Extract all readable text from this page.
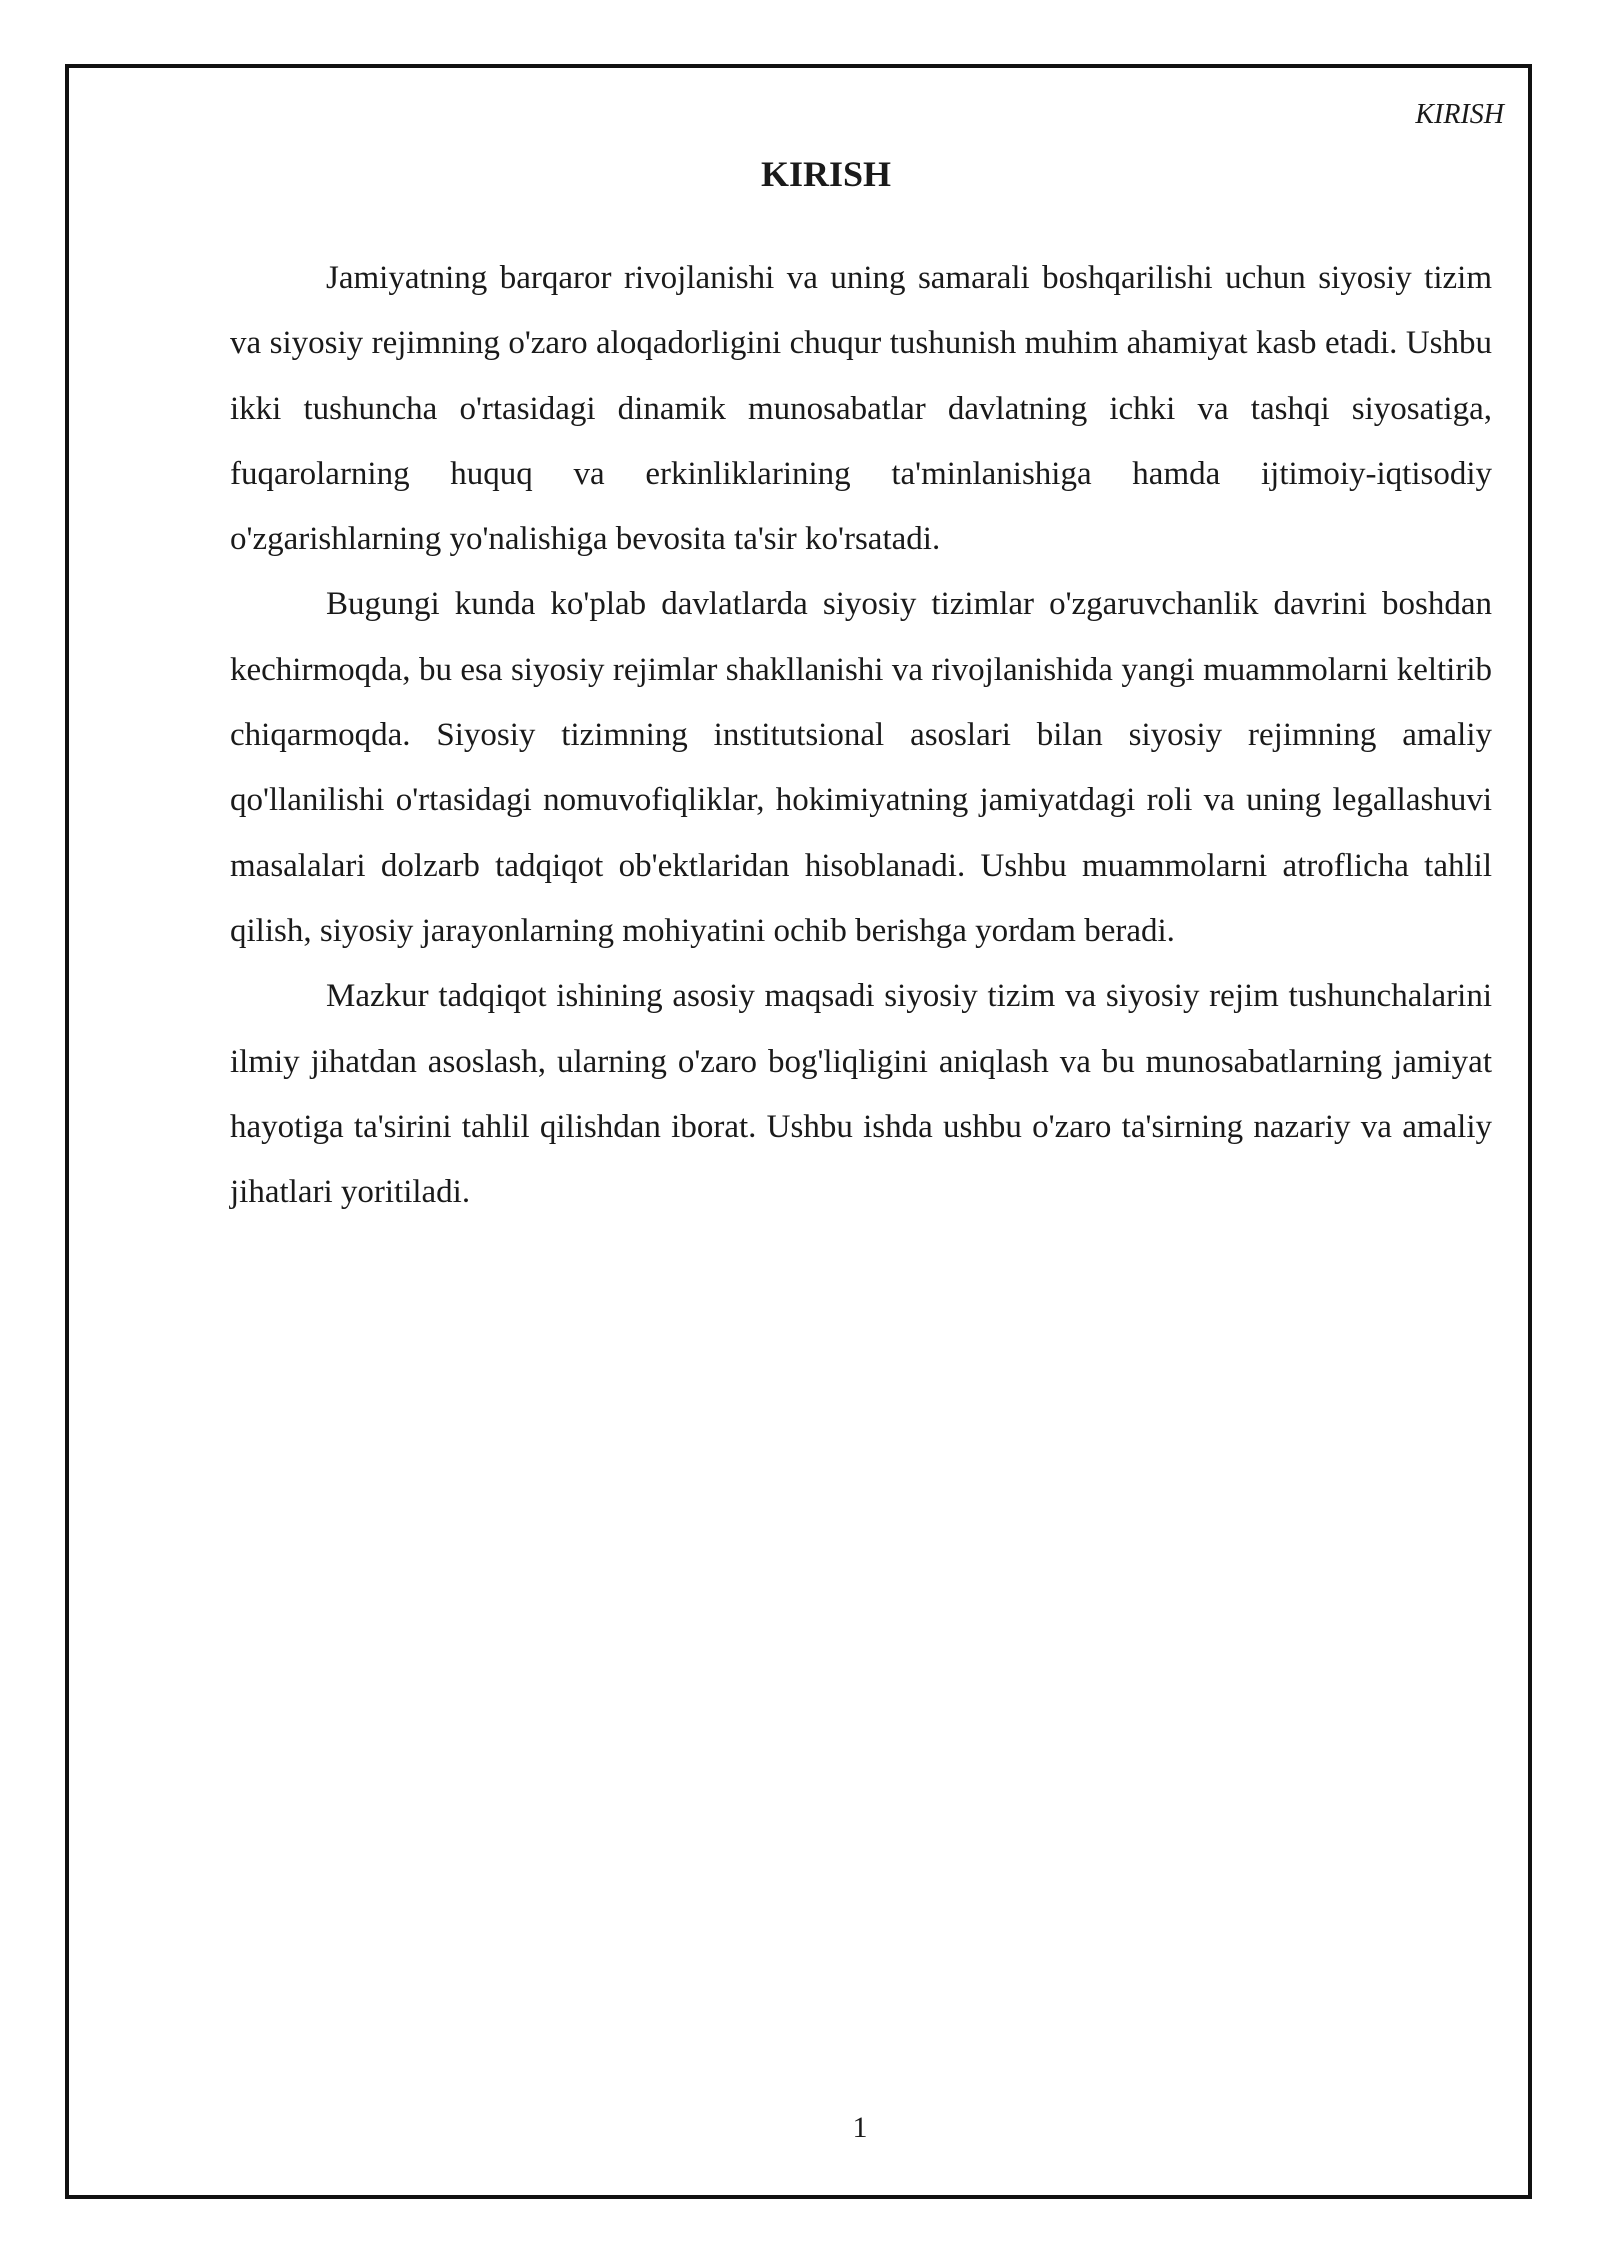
KIRISH
KIRISH

Jamiyatning barqaror rivojlanishi va uning samarali boshqarilishi uchun siyosiy tizim va siyosiy rejimning o'zaro aloqadorligini chuqur tushunish muhim ahamiyat kasb etadi. Ushbu ikki tushuncha o'rtasidagi dinamik munosabatlar davlatning ichki va tashqi siyosatiga, fuqarolarning huquq va erkinliklarining ta'minlanishiga hamda ijtimoiy-iqtisodiy o'zgarishlarning yo'nalishiga bevosita ta'sir ko'rsatadi.

Bugungi kunda ko'plab davlatlarda siyosiy tizimlar o'zgaruvchanlik davrini boshdan kechirmoqda, bu esa siyosiy rejimlar shakllanishi va rivojlanishida yangi muammolarni keltirib chiqarmoqda. Siyosiy tizimning institutsional asoslari bilan siyosiy rejimning amaliy qo'llanilishi o'rtasidagi nomuvofiqliklar, hokimiyatning jamiyatdagi roli va uning legallashuvi masalalari dolzarb tadqiqot ob'ektlaridan hisoblanadi. Ushbu muammolarni atroflicha tahlil qilish, siyosiy jarayonlarning mohiyatini ochib berishga yordam beradi.

Mazkur tadqiqot ishining asosiy maqsadi siyosiy tizim va siyosiy rejim tushunchalarini ilmiy jihatdan asoslash, ularning o'zaro bog'liqligini aniqlash va bu munosabatlarning jamiyat hayotiga ta'sirini tahlil qilishdan iborat. Ushbu ishda ushbu o'zaro ta'sirning nazariy va amaliy jihatlari yoritiladi.

1
